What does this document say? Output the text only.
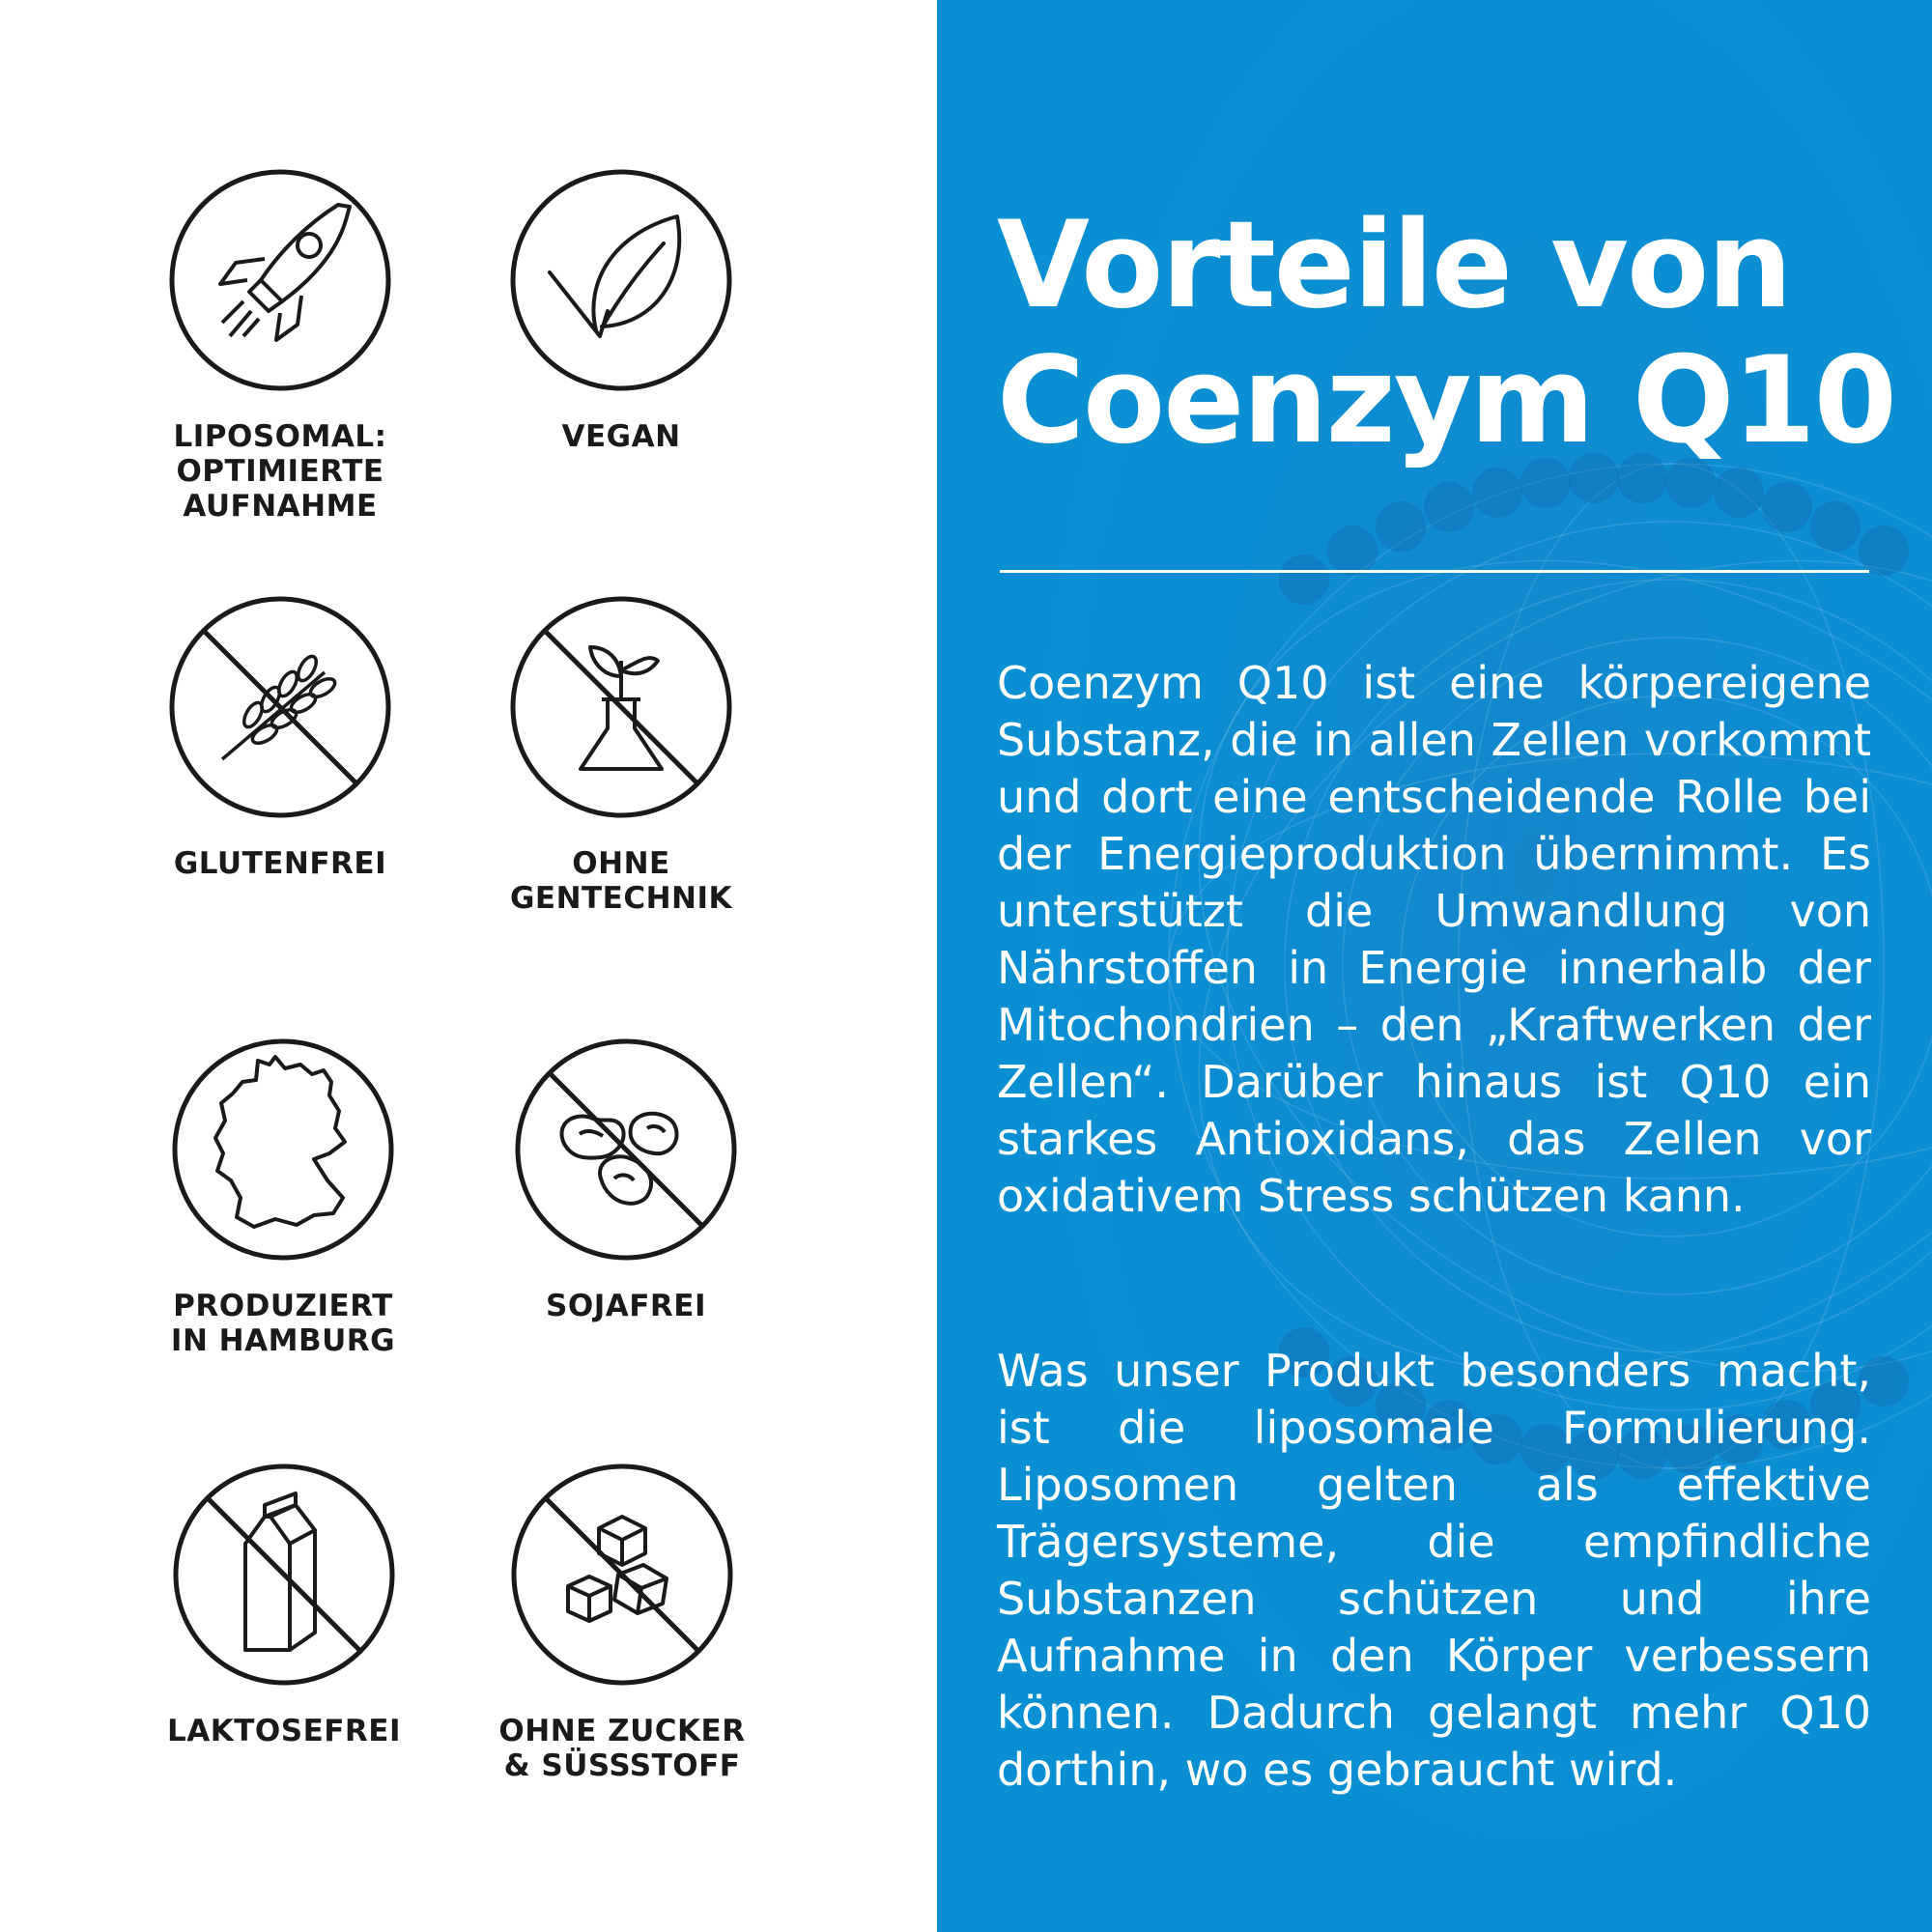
LIPOSOMAL:
OPTIMIERTE
AUFNAHME
VEGAN
GLUTENFREI	OHNE
GENTECHNIK
PRODUZIERT
IN HAMBURG
SOJAFREI
LAKTOSEFREI	OHNE ZUCKER
& SÜSSSTOFF
Vorteile von
Coenzym Q10
Coenzym Q10 ist eine körpereigene Substanz, die in allen Zellen vorkommt und dort eine entscheidende Rolle bei der Energieproduktion übernimmt. Es unterstützt die Umwandlung von Nährstoffen in Energie innerhalb der Mitochondrien – den „Kraftwerken der Zellen“. Darüber hinaus ist Q10 ein starkes Antioxidans, das Zellen vor oxidativem Stress schützen kann.
Was unser Produkt besonders macht, ist die liposomale Formulierung. Liposomen gelten als effektive Trägersysteme, die empfindliche Substanzen schützen und ihre Aufnahme in den Körper verbessern können. Dadurch gelangt mehr Q10 dorthin, wo es gebraucht wird.
